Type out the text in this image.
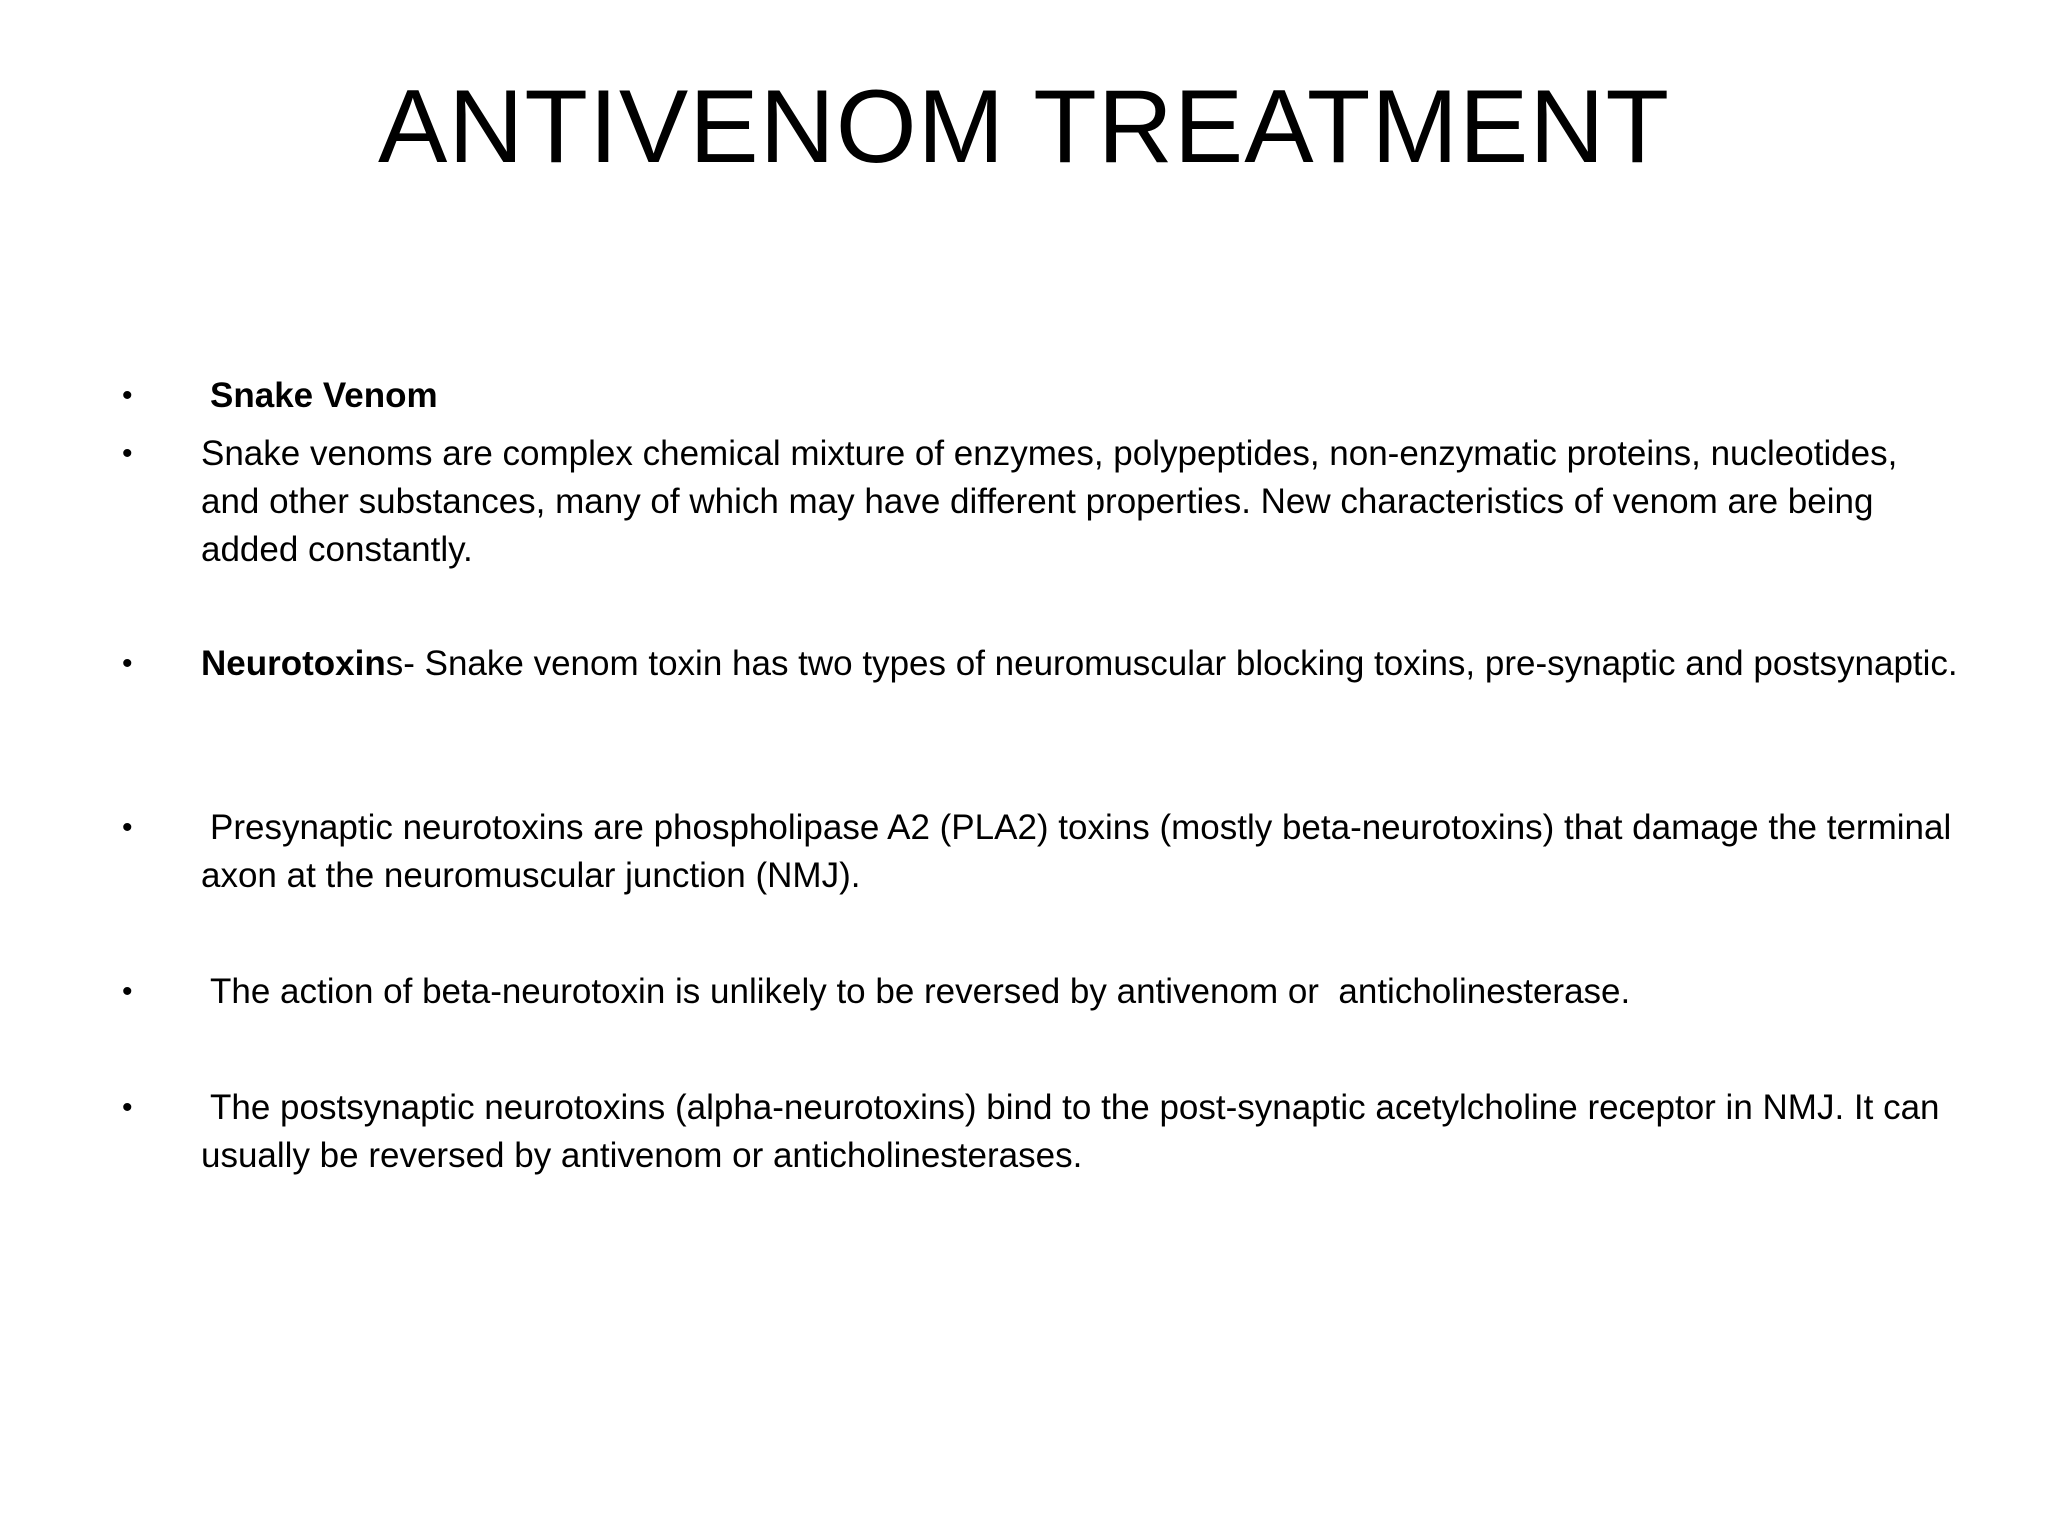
ANTIVENOM TREATMENT
• Snake Venom
• Snake venoms are complex chemical mixture of enzymes, polypeptides, non-enzymatic proteins, nucleotides, and other substances, many of which may have different properties. New characteristics of venom are being added constantly.
• Neurotoxins- Snake venom toxin has two types of neuromuscular blocking toxins, pre-synaptic and postsynaptic.
• Presynaptic neurotoxins are phospholipase A2 (PLA2) toxins (mostly beta-neurotoxins) that damage the terminal axon at the neuromuscular junction (NMJ).
• The action of beta-neurotoxin is unlikely to be reversed by antivenom or  anticholinesterase.
• The postsynaptic neurotoxins (alpha-neurotoxins) bind to the post-synaptic acetylcholine receptor in NMJ. It can usually be reversed by antivenom or anticholinesterases.
